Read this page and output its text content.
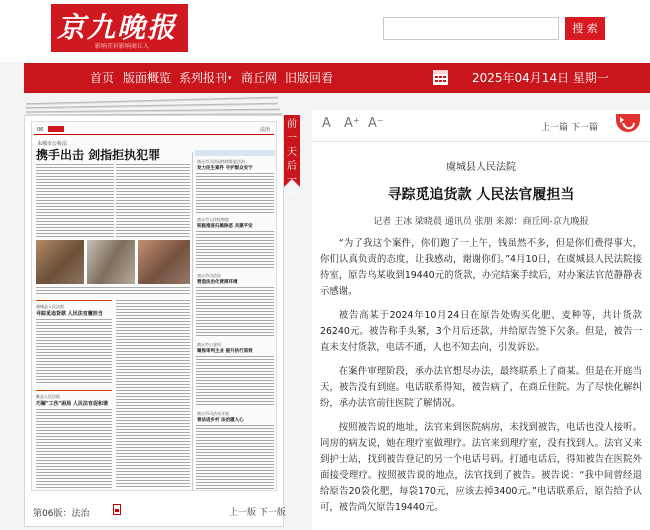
京九晚报
影响开封影响商丘人
搜 索
首页 版面概览 系列报刊▾ 商丘网 旧版回看	2025年04月14日 星期一
06	法治
永城市公检法
携手出击 剑指拒执犯罪
虞城县人民法院
寻踪觅追货款 人民法官履担当
睢县人民法院
巧解"工伤"困局 人民法官促和谐
商丘市司法局持续推进法治
发力民生案件 守护群众安宁
商丘市人民检察院
积极推进扫黑除恶 共建平安
商丘市司法局
营造法治化营商环境
商丘市公安局
聚焦审判主业 提升执行质效
商丘市司法局开展
普法进乡村 法治暖人心
第06版：法治	上一版 下一版
前一天后一天
A A⁺ A⁻	上一篇 下一篇
虞城县人民法院
寻踪觅追货款 人民法官履担当
记者 王冰 梁晓晨 通讯员 张朋 来源：商丘网-京九晚报

“为了我这个案件，你们跑了一上午，钱虽然不多，但是你们费得事大，你们认真负责的态度，让我感动，谢谢你们。”4月10日，在虞城县人民法院接待室，原告乌某收到19440元的货款，办完结案手续后，对办案法官范静静表示感谢。

被告高某于2024年10月24日在原告处购买化肥、麦种等，共计货款26240元。被告称手头紧，3个月后还款，并给原告签下欠条。但是，被告一直未支付货款，电话不通，人也不知去向，引发诉讼。

在案件审理阶段，承办法官想尽办法，最终联系上了商某。但是在开庭当天，被告没有到庭。电话联系得知，被告病了，在商丘住院。为了尽快化解纠纷，承办法官前往医院了解情况。

按照被告说的地址，法官来到医院病房，未找到被告，电话也没人接听。同房的病友说，她在理疗室做理疗。法官来到理疗室，没有找到人。法官又来到护士站，找到被告登记的另一个电话号码。打通电话后，得知被告在医院外面接受理疗。按照被告说的地点，法官找到了被告。被告说：“我中间曾经退给原告20袋化肥，每袋170元，应该去掉3400元。”电话联系后，原告给予认可，被告尚欠原告19440元。
